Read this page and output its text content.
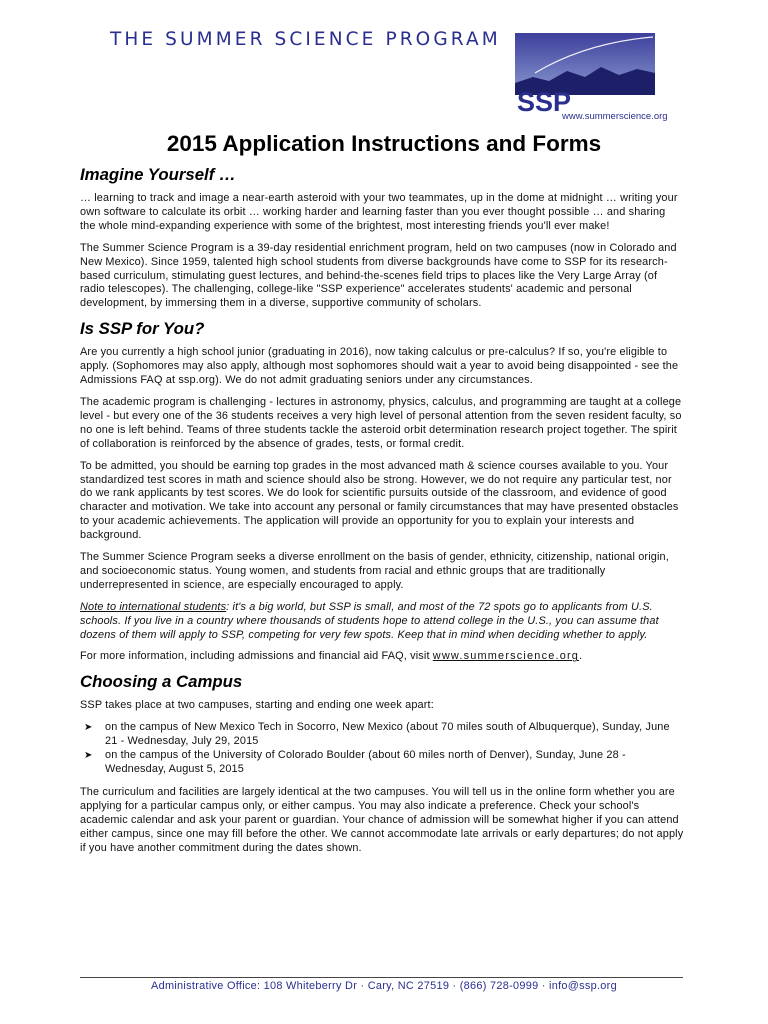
THE SUMMER SCIENCE PROGRAM
SSP
www.summerscience.org
2015 Application Instructions and Forms
Imagine Yourself …

… learning to track and image a near-earth asteroid with your two teammates, up in the dome at midnight … writing your own software to calculate its orbit … working harder and learning faster than you ever thought possible … and sharing the whole mind-expanding experience with some of the brightest, most interesting friends you'll ever make!

The Summer Science Program is a 39-day residential enrichment program, held on two campuses (now in Colorado and New Mexico). Since 1959, talented high school students from diverse backgrounds have come to SSP for its research-based curriculum, stimulating guest lectures, and behind-the-scenes field trips to places like the Very Large Array (of radio telescopes). The challenging, college-like "SSP experience" accelerates students' academic and personal development, by immersing them in a diverse, supportive community of scholars.

Is SSP for You?

Are you currently a high school junior (graduating in 2016), now taking calculus or pre-calculus? If so, you're eligible to apply. (Sophomores may also apply, although most sophomores should wait a year to avoid being disappointed - see the Admissions FAQ at ssp.org). We do not admit graduating seniors under any circumstances.

The academic program is challenging - lectures in astronomy, physics, calculus, and programming are taught at a college level - but every one of the 36 students receives a very high level of personal attention from the seven resident faculty, so no one is left behind. Teams of three students tackle the asteroid orbit determination research project together. The spirit of collaboration is reinforced by the absence of grades, tests, or formal credit.

To be admitted, you should be earning top grades in the most advanced math & science courses available to you. Your standardized test scores in math and science should also be strong. However, we do not require any particular test, nor do we rank applicants by test scores. We do look for scientific pursuits outside of the classroom, and evidence of good character and motivation. We take into account any personal or family circumstances that may have presented obstacles to your academic achievements. The application will provide an opportunity for you to explain your interests and background.

The Summer Science Program seeks a diverse enrollment on the basis of gender, ethnicity, citizenship, national origin, and socioeconomic status. Young women, and students from racial and ethnic groups that are traditionally underrepresented in science, are especially encouraged to apply.

Note to international students: it's a big world, but SSP is small, and most of the 72 spots go to applicants from U.S. schools. If you live in a country where thousands of students hope to attend college in the U.S., you can assume that dozens of them will apply to SSP, competing for very few spots. Keep that in mind when deciding whether to apply.

For more information, including admissions and financial aid FAQ, visit www.summerscience.org.

Choosing a Campus

SSP takes place at two campuses, starting and ending one week apart:

➤ on the campus of New Mexico Tech in Socorro, New Mexico (about 70 miles south of Albuquerque), Sunday, June 21 - Wednesday, July 29, 2015
➤ on the campus of the University of Colorado Boulder (about 60 miles north of Denver), Sunday, June 28 - Wednesday, August 5, 2015

The curriculum and facilities are largely identical at the two campuses. You will tell us in the online form whether you are applying for a particular campus only, or either campus. You may also indicate a preference. Check your school's academic calendar and ask your parent or guardian. Your chance of admission will be somewhat higher if you can attend either campus, since one may fill before the other. We cannot accommodate late arrivals or early departures; do not apply if you have another commitment during the dates shown.

Administrative Office: 108 Whiteberry Dr · Cary, NC 27519 · (866) 728-0999 · info@ssp.org
